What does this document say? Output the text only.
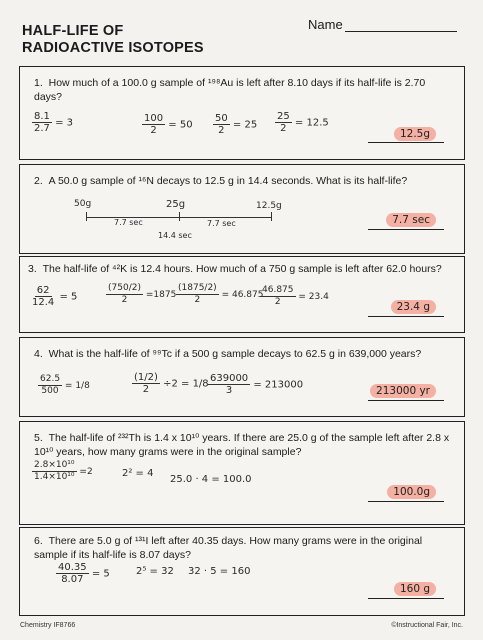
HALF-LIFE OF
RADIOACTIVE ISOTOPES
Name
1. How much of a 100.0 g sample of ¹⁹⁸Au is left after 8.10 days if its half-life is 2.70 days?
$\frac{8.1}{2.7} = 3$	$\frac{100}{2} = 50 \frac{50}{2} = 25 \frac{25}{2} = 12.5$
12.5g
2. A 50.0 g sample of ¹⁶N decays to 12.5 g in 14.4 seconds. What is its half-life?
50g	25g	12.5g
7.7 sec	7.7 sec
14.4 sec
7.7 sec
3. The half-life of ⁴²K is 12.4 hours. How much of a 750 g sample is left after 62.0 hours?
$\frac{62}{12.4} = 5$	$\frac{(750/2)}{2} =1875 \frac{(1875/2)}{2} = 46.875$
$\frac{46.875}{2} = 23.4$
23.4 g
4. What is the half-life of ⁹⁹Tc if a 500 g sample decays to 62.5 g in 639,000 years?
$\frac{62.5}{500} = 1/8$	$\frac{(1/2)}{2} \div 2 = 1/8 \frac{639000}{3} = 213000$	213000 yr
5. The half-life of ²³²Th is 1.4 x 10¹⁰ years. If there are 25.0 g of the sample left after 2.8 x 10¹⁰ years, how many grams were in the original sample?
$\frac{\text{2.8×10¹⁰}}{\text{1.4×10¹⁰}} =2$	2² = 4
25.0 · 4 = 100.0
100.0g
6. There are 5.0 g of ¹³¹I left after 40.35 days. How many grams were in the original sample if its half-life is 8.07 days?
$\frac{40.35}{8.07} = 5$	2⁵ = 32 32 · 5 = 160
160 g
Chemistry IF8766	©Instructional Fair, Inc.
